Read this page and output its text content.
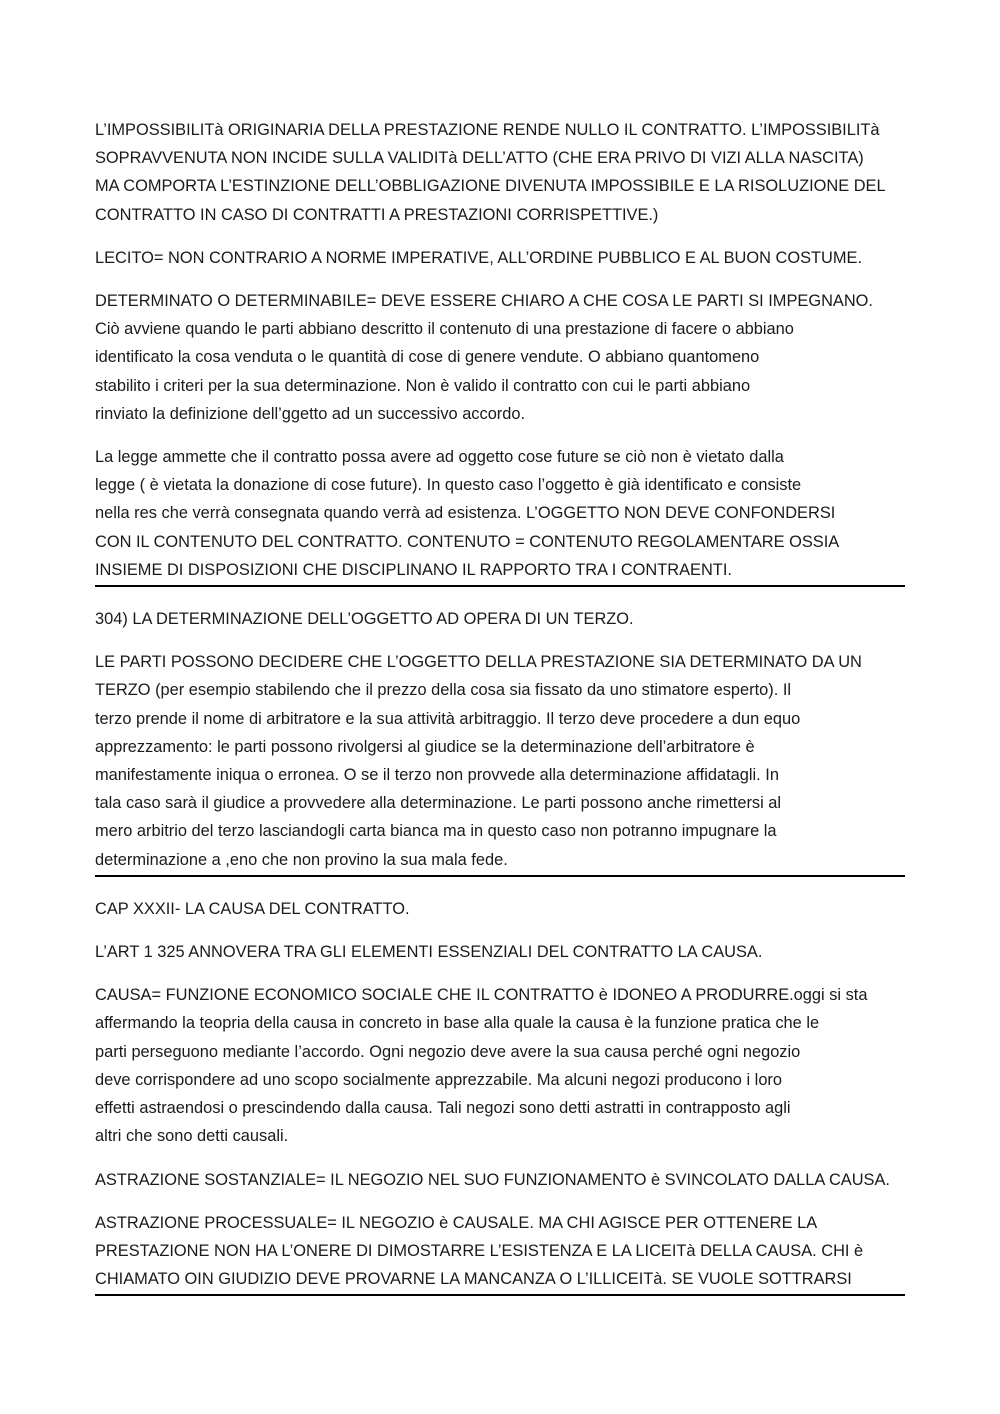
L’IMPOSSIBILITà ORIGINARIA DELLA PRESTAZIONE RENDE NULLO IL CONTRATTO. L’IMPOSSIBILITà
SOPRAVVENUTA NON INCIDE SULLA VALIDITà DELL’ATTO (CHE ERA PRIVO DI VIZI ALLA NASCITA)
MA COMPORTA L’ESTINZIONE DELL’OBBLIGAZIONE DIVENUTA IMPOSSIBILE E LA RISOLUZIONE DEL
CONTRATTO IN CASO DI CONTRATTI A PRESTAZIONI CORRISPETTIVE.)
LECITO= NON CONTRARIO A NORME IMPERATIVE, ALL’ORDINE PUBBLICO E AL BUON COSTUME.
DETERMINATO O DETERMINABILE= DEVE ESSERE CHIARO A CHE COSA LE PARTI SI IMPEGNANO.
Ciò avviene quando le parti abbiano descritto il contenuto di una prestazione di facere o abbiano
identificato la cosa venduta o le quantità di cose di genere vendute. O abbiano quantomeno
stabilito i criteri per la sua determinazione. Non è valido il contratto con cui le parti abbiano
rinviato la definizione dell’ggetto ad un successivo accordo.
La legge ammette che il contratto possa avere ad oggetto cose future se ciò non è vietato dalla
legge ( è vietata la donazione di cose future). In questo caso l’oggetto è già identificato e consiste
nella res che verrà consegnata quando verrà ad esistenza. L’OGGETTO NON DEVE CONFONDERSI
CON IL CONTENUTO DEL CONTRATTO. CONTENUTO = CONTENUTO REGOLAMENTARE OSSIA
INSIEME DI DISPOSIZIONI CHE DISCIPLINANO IL RAPPORTO TRA I CONTRAENTI.
304) LA DETERMINAZIONE DELL’OGGETTO AD OPERA DI UN TERZO.
LE PARTI POSSONO DECIDERE CHE L’OGGETTO DELLA PRESTAZIONE SIA DETERMINATO DA UN
TERZO (per esempio stabilendo che il prezzo della cosa sia fissato da uno stimatore esperto). Il
terzo prende il nome di arbitratore e la sua attività arbitraggio. Il terzo deve procedere a dun equo
apprezzamento: le parti possono rivolgersi al giudice se la determinazione dell’arbitratore è
manifestamente iniqua o erronea. O se il terzo non provvede alla determinazione affidatagli. In
tala caso sarà il giudice a provvedere alla determinazione. Le parti possono anche rimettersi al
mero arbitrio del terzo lasciandogli carta bianca ma in questo caso non potranno impugnare la
determinazione a ,eno che non provino la sua mala fede.
CAP XXXII- LA CAUSA DEL CONTRATTO.
L’ART 1 325 ANNOVERA TRA GLI ELEMENTI ESSENZIALI DEL CONTRATTO LA CAUSA.
CAUSA= FUNZIONE ECONOMICO SOCIALE CHE IL CONTRATTO è IDONEO A PRODURRE.oggi si sta
affermando la teopria della causa in concreto in base alla quale la causa è la funzione pratica che le
parti perseguono mediante l’accordo. Ogni negozio deve avere la sua causa perché ogni negozio
deve corrispondere ad uno scopo socialmente apprezzabile. Ma alcuni negozi producono i loro
effetti astraendosi o prescindendo dalla causa. Tali negozi sono detti astratti in contrapposto agli
altri che sono detti causali.
ASTRAZIONE SOSTANZIALE= IL NEGOZIO NEL SUO FUNZIONAMENTO è SVINCOLATO DALLA CAUSA.
ASTRAZIONE PROCESSUALE= IL NEGOZIO è CAUSALE. MA CHI AGISCE PER OTTENERE LA
PRESTAZIONE NON HA L’ONERE DI DIMOSTARRE L’ESISTENZA E LA LICEITà DELLA CAUSA. CHI è
CHIAMATO OIN GIUDIZIO DEVE PROVARNE LA MANCANZA O L’ILLICEITà. SE VUOLE SOTTRARSI
